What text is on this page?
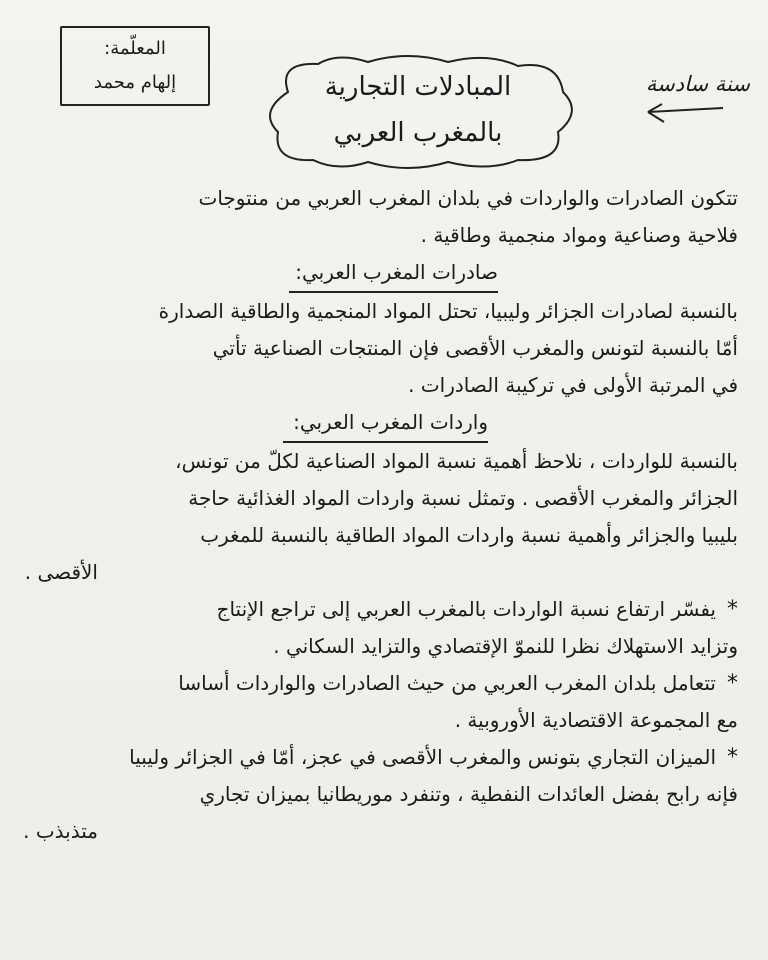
سنة سادسة
المبادلات التجارية
بالمغرب العربي
المعلّمة:
إلهام محمد
تتكون الصادرات والواردات في بلدان المغرب العربي من منتوجات
فلاحية وصناعية ومواد منجمية وطاقية .
صادرات المغرب العربي:
بالنسبة لصادرات الجزائر وليبيا، تحتل المواد المنجمية والطاقية الصدارة
أمّا بالنسبة لتونس والمغرب الأقصى فإن المنتجات الصناعية تأتي
في المرتبة الأولى في تركيبة الصادرات .
واردات المغرب العربي:
بالنسبة للواردات ، نلاحظ أهمية نسبة المواد الصناعية لكلّ من تونس،
الجزائر والمغرب الأقصى . وتمثل نسبة واردات المواد الغذائية حاجة
بليبيا والجزائر وأهمية نسبة واردات المواد الطاقية بالنسبة للمغرب
الأقصى .
* يفسّر ارتفاع نسبة الواردات بالمغرب العربي إلى تراجع الإنتاج
وتزايد الاستهلاك نظرا للنموّ الإقتصادي والتزايد السكاني .
* تتعامل بلدان المغرب العربي من حيث الصادرات والواردات أساسا
مع المجموعة الاقتصادية الأوروبية .
* الميزان التجاري بتونس والمغرب الأقصى في عجز، أمّا في الجزائر وليبيا
فإنه رابح بفضل العائدات النفطية ، وتنفرد موريطانيا بميزان تجاري
متذبذب .
